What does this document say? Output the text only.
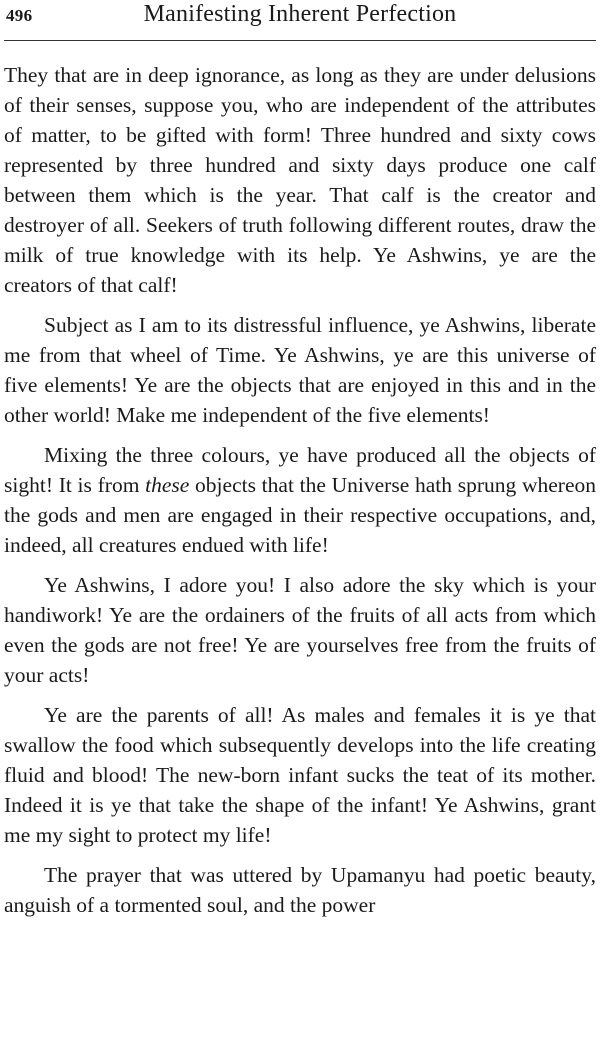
496	Manifesting Inherent Perfection

They that are in deep ignorance, as long as they are under delusions of their senses, suppose you, who are independent of the attributes of matter, to be gifted with form! Three hundred and sixty cows represented by three hundred and sixty days produce one calf between them which is the year. That calf is the creator and destroyer of all. Seekers of truth following different routes, draw the milk of true knowledge with its help. Ye Ashwins, ye are the creators of that calf!

Subject as I am to its distressful influence, ye Ashwins, liberate me from that wheel of Time. Ye Ashwins, ye are this universe of five elements! Ye are the objects that are enjoyed in this and in the other world! Make me independent of the five elements!

Mixing the three colours, ye have produced all the objects of sight! It is from these objects that the Universe hath sprung whereon the gods and men are engaged in their respective occupations, and, indeed, all creatures endued with life!

Ye Ashwins, I adore you! I also adore the sky which is your handiwork! Ye are the ordainers of the fruits of all acts from which even the gods are not free! Ye are yourselves free from the fruits of your acts!

Ye are the parents of all! As males and females it is ye that swallow the food which subsequently develops into the life creating fluid and blood! The new-born infant sucks the teat of its mother. Indeed it is ye that take the shape of the infant! Ye Ashwins, grant me my sight to protect my life!

The prayer that was uttered by Upamanyu had poetic beauty, anguish of a tormented soul, and the power
